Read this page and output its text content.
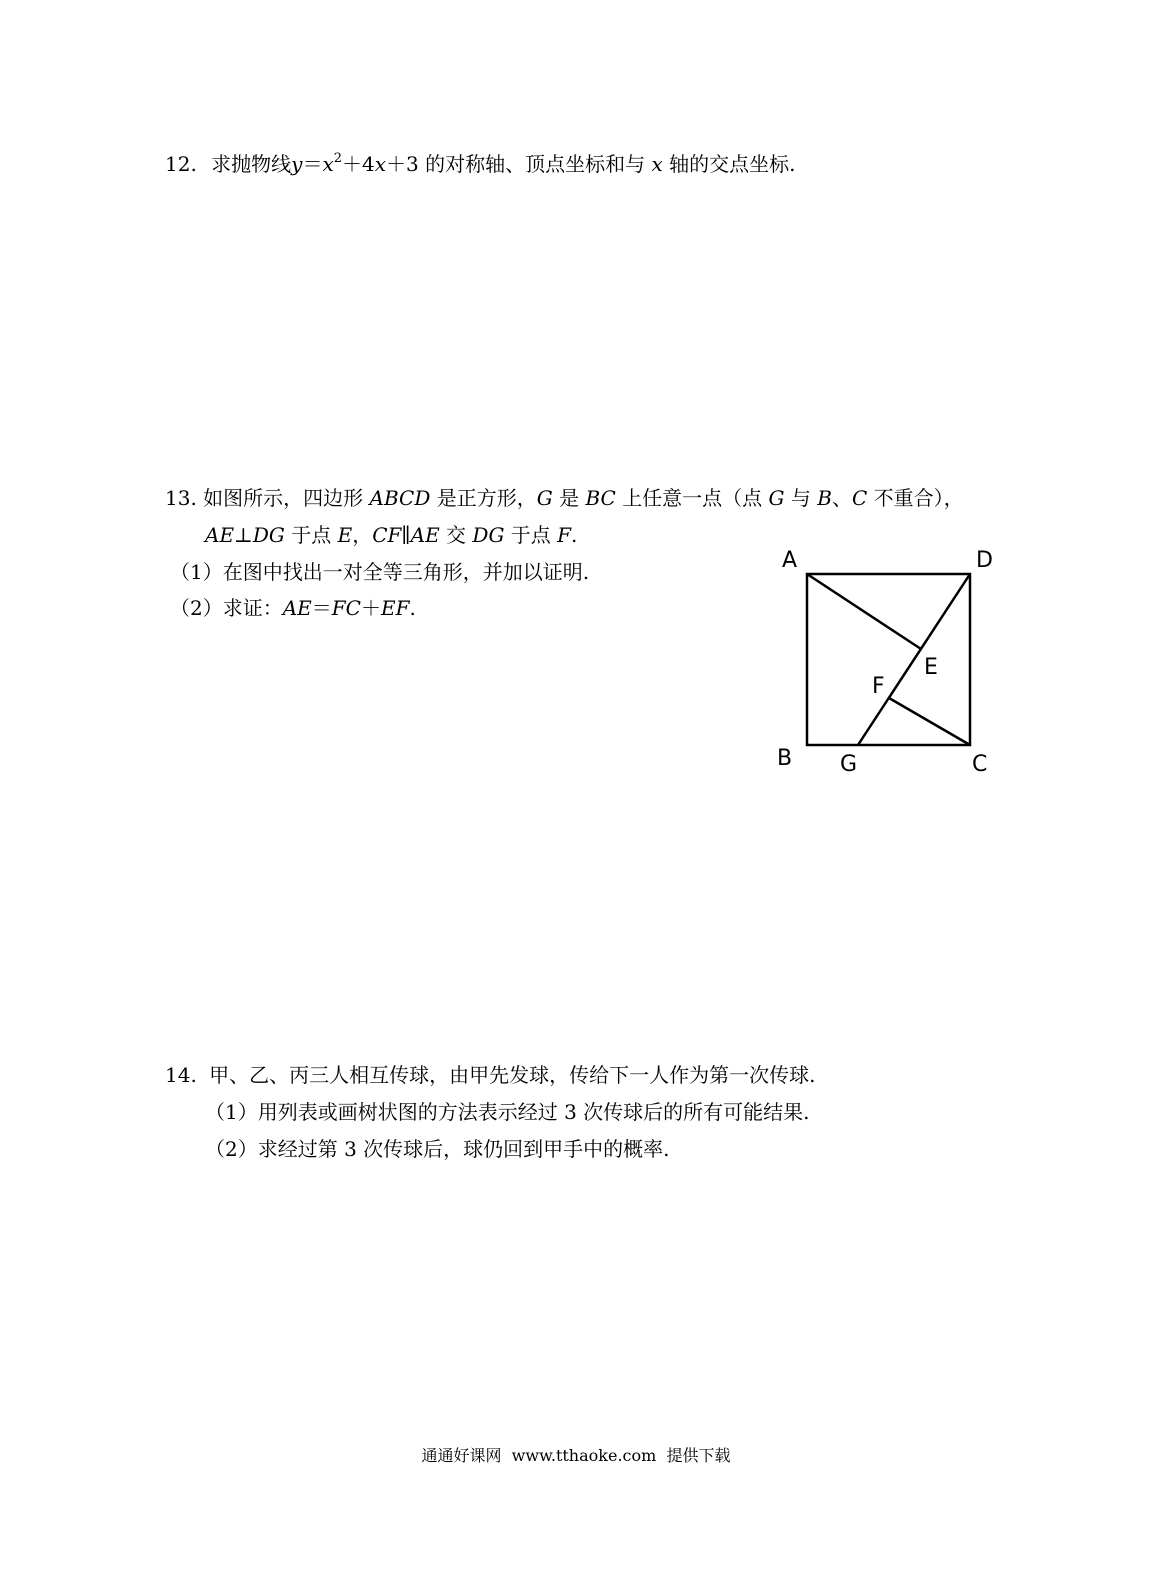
12. 求抛物线$y=x^2+4x+3$ 的对称轴、顶点坐标和与 x 轴的交点坐标.
13. 如图所示，四边形 ABCD 是正方形，G 是 BC 上任意一点（点 G 与 B、C 不重合），
AE⊥DG 于点 E，CF∥AE 交 DG 于点 F.
（1）在图中找出一对全等三角形，并加以证明.
（2）求证：AE＝FC＋EF.
A	D
E
F
B G	C
14. 甲、乙、丙三人相互传球，由甲先发球，传给下一人作为第一次传球.
（1）用列表或画树状图的方法表示经过 3 次传球后的所有可能结果.
（2）求经过第 3 次传球后，球仍回到甲手中的概率.
通通好课网  www.tthaoke.com  提供下载
